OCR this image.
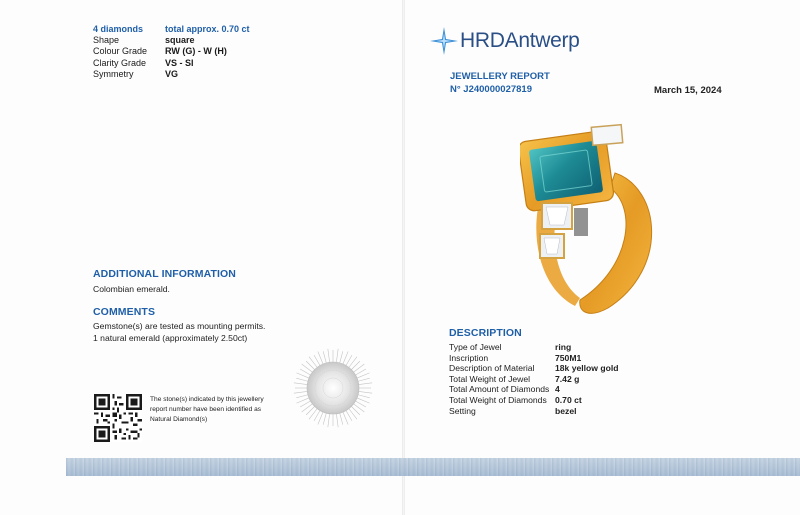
4 diamonds	total approx. 0.70 ct
Shape	square
Colour Grade	RW (G) - W (H)
Clarity Grade	VS - SI
Symmetry	VG
ADDITIONAL INFORMATION
Colombian emerald.
COMMENTS
Gemstone(s) are tested as mounting permits.
1 natural emerald (approximately 2.50ct)
The stone(s) indicated by this jewellery
report number have been identified as
Natural Diamond(s)
HRDAntwerp
JEWELLERY REPORT
N° J240000027819	March 15, 2024
DESCRIPTION
Type of Jewel	ring
Inscription	750M1
Description of Material	18k yellow gold
Total Weight of Jewel	7.42 g
Total Amount of Diamonds 4
Total Weight of Diamonds 0.70 ct
Setting	bezel
